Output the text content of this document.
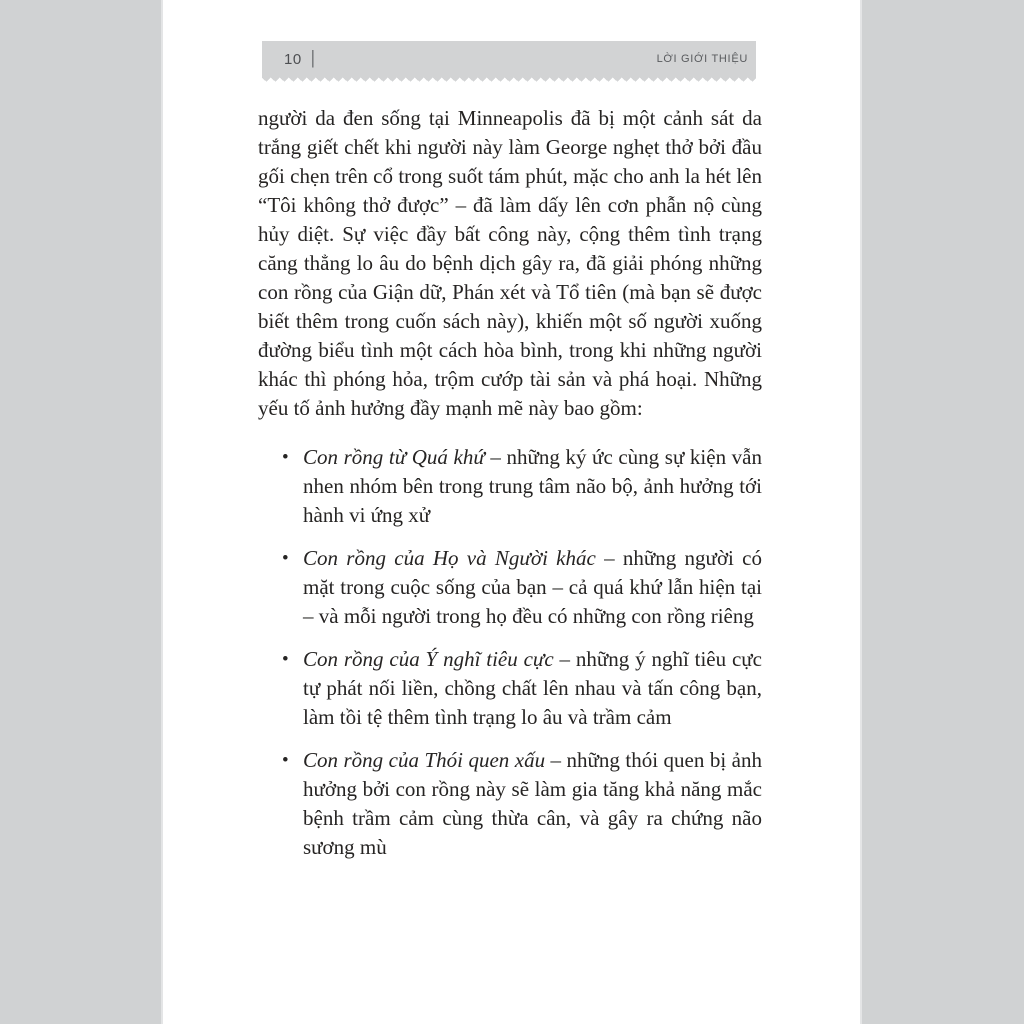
10 |	LỜI GIỚI THIỆU

người da đen sống tại Minneapolis đã bị một cảnh sát da trắng giết chết khi người này làm George nghẹt thở bởi đầu gối chẹn trên cổ trong suốt tám phút, mặc cho anh la hét lên “Tôi không thở được” – đã làm dấy lên cơn phẫn nộ cùng hủy diệt. Sự việc đầy bất công này, cộng thêm tình trạng căng thẳng lo âu do bệnh dịch gây ra, đã giải phóng những con rồng của Giận dữ, Phán xét và Tổ tiên (mà bạn sẽ được biết thêm trong cuốn sách này), khiến một số người xuống đường biểu tình một cách hòa bình, trong khi những người khác thì phóng hỏa, trộm cướp tài sản và phá hoại. Những yếu tố ảnh hưởng đầy mạnh mẽ này bao gồm:

• Con rồng từ Quá khứ – những ký ức cùng sự kiện vẫn nhen nhóm bên trong trung tâm não bộ, ảnh hưởng tới hành vi ứng xử
• Con rồng của Họ và Người khác – những người có mặt trong cuộc sống của bạn – cả quá khứ lẫn hiện tại – và mỗi người trong họ đều có những con rồng riêng
• Con rồng của Ý nghĩ tiêu cực – những ý nghĩ tiêu cực tự phát nối liền, chồng chất lên nhau và tấn công bạn, làm tồi tệ thêm tình trạng lo âu và trầm cảm
• Con rồng của Thói quen xấu – những thói quen bị ảnh hưởng bởi con rồng này sẽ làm gia tăng khả năng mắc bệnh trầm cảm cùng thừa cân, và gây ra chứng não sương mù
